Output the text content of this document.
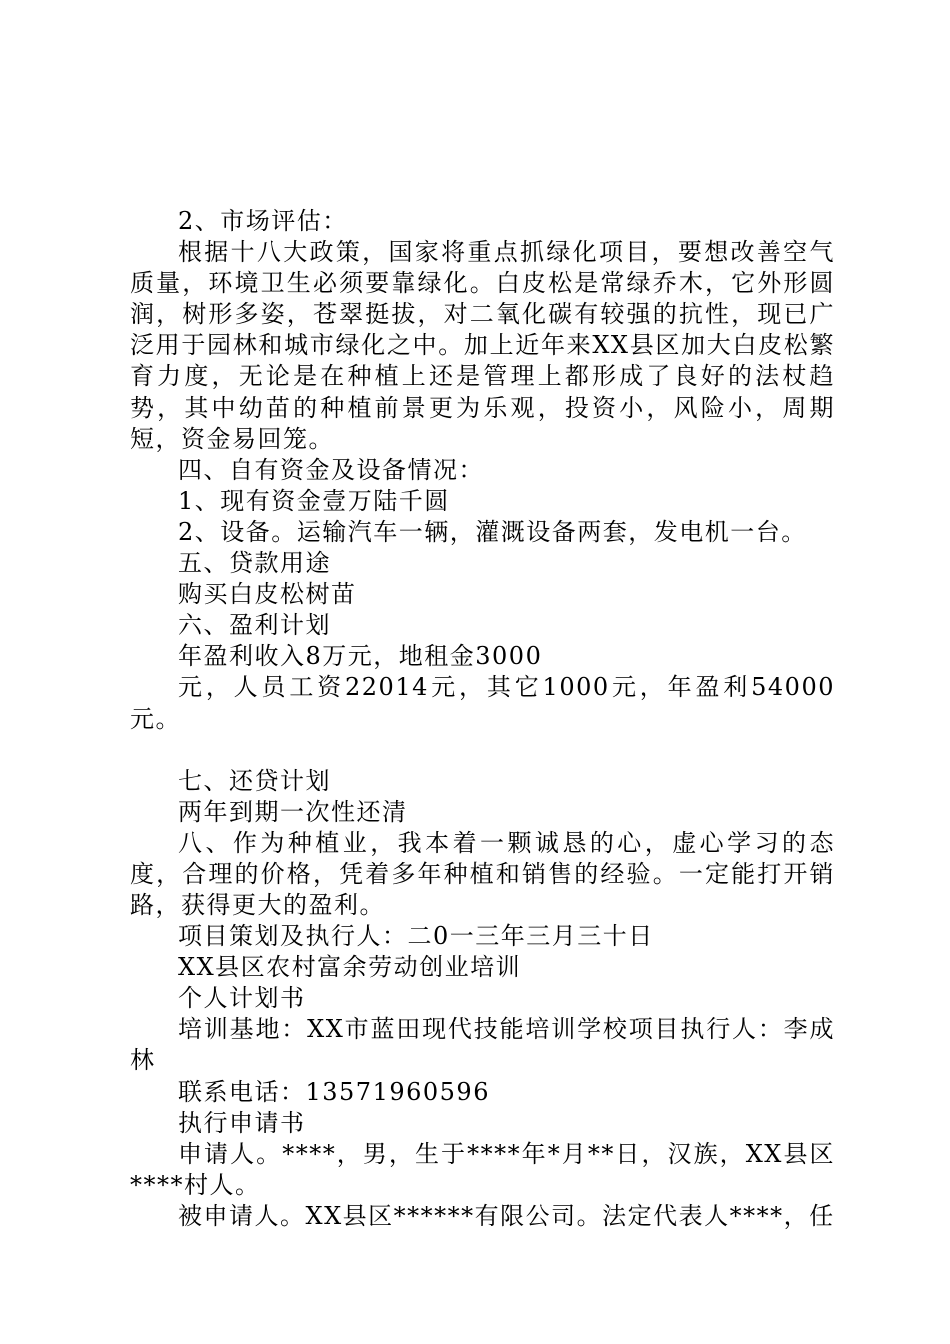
2、市场评估：

根据十八大政策，国家将重点抓绿化项目，要想改善空气质量，环境卫生必须要靠绿化。白皮松是常绿乔木，它外形圆润，树形多姿，苍翠挺拔，对二氧化碳有较强的抗性，现已广泛用于园林和城市绿化之中。加上近年来XX县区加大白皮松繁育力度，无论是在种植上还是管理上都形成了良好的法杖趋势，其中幼苗的种植前景更为乐观，投资小，风险小，周期短，资金易回笼。

四、自有资金及设备情况：

1、现有资金壹万陆千圆

2、设备。运输汽车一辆，灌溉设备两套，发电机一台。

五、贷款用途

购买白皮松树苗

六、盈利计划

年盈利收入8万元，地租金3000

元，人员工资22014元，其它1000元，年盈利54000元。

七、还贷计划

两年到期一次性还清

八、作为种植业，我本着一颗诚恳的心，虚心学习的态度，合理的价格，凭着多年种植和销售的经验。一定能打开销路，获得更大的盈利。

项目策划及执行人：二0一三年三月三十日

XX县区农村富余劳动创业培训

个人计划书

培训基地：XX市蓝田现代技能培训学校项目执行人：李成林

联系电话：13571960596

执行申请书

申请人。****，男，生于****年*月**日，汉族，XX县区****村人。

被申请人。XX县区******有限公司。法定代表人****，任
